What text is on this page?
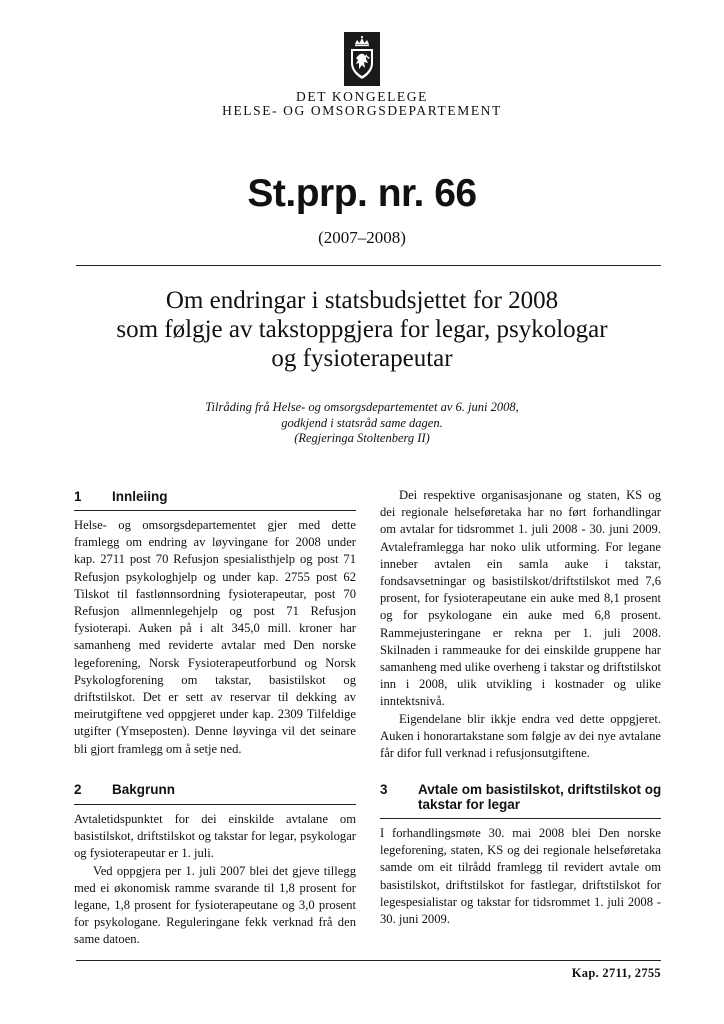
DET KONGELEGE
HELSE- OG OMSORGSDEPARTEMENT
St.prp. nr. 66
(2007–2008)
Om endringar i statsbudsjettet for 2008
som følgje av takstoppgjera for legar, psykologar
og fysioterapeutar
Tilråding frå Helse- og omsorgsdepartementet av 6. juni 2008,
godkjend i statsråd same dagen.
(Regjeringa Stoltenberg II)
1 Innleiing

Helse- og omsorgsdepartementet gjer med dette framlegg om endring av løyvingane for 2008 under kap. 2711 post 70 Refusjon spesialisthjelp og post 71 Refusjon psykologhjelp og under kap. 2755 post 62 Tilskot til fastlønnsordning fysioterapeutar, post 70 Refusjon allmennlegehjelp og post 71 Refusjon fysioterapi. Auken på i alt 345,0 mill. kroner har samanheng med reviderte avtalar med Den norske legeforening, Norsk Fysioterapeutforbund og Norsk Psykologforening om takstar, basistilskot og driftstilskot. Det er sett av reservar til dekking av meirutgiftene ved oppgjeret under kap. 2309 Tilfeldige utgifter (Ymseposten). Denne løyvinga vil det seinare bli gjort framlegg om å setje ned.

Dei respektive organisasjonane og staten, KS og dei regionale helseføretaka har no ført forhandlingar om avtalar for tidsrommet 1. juli 2008 - 30. juni 2009. Avtaleframlegga har noko ulik utforming. For legane inneber avtalen ein samla auke i takstar, fondsavsetningar og basistilskot/driftstilskot med 7,6 prosent, for fysioterapeutane ein auke med 8,1 prosent og for psykologane ein auke med 6,8 prosent. Rammejusteringane er rekna per 1. juli 2008. Skilnaden i rammeauke for dei einskilde gruppene har samanheng med ulike overheng i takstar og driftstilskot inn i 2008, ulik utvikling i kostnader og ulike inntektsnivå.

Eigendelane blir ikkje endra ved dette oppgjeret. Auken i honorartakstane som følgje av dei nye avtalane får difor full verknad i refusjonsutgiftene.

2 Bakgrunn

Avtaletidspunktet for dei einskilde avtalane om basistilskot, driftstilskot og takstar for legar, psykologar og fysioterapeutar er 1. juli.

Ved oppgjera per 1. juli 2007 blei det gjeve tillegg med ei økonomisk ramme svarande til 1,8 prosent for legane, 1,8 prosent for fysioterapeutane og 3,0 prosent for psykologane. Reguleringane fekk verknad frå den same datoen.

3 Avtale om basistilskot, driftstilskot og takstar for legar

I forhandlingsmøte 30. mai 2008 blei Den norske legeforening, staten, KS og dei regionale helseføretaka samde om eit tilrådd framlegg til revidert avtale om basistilskot, driftstilskot for fastlegar, driftstilskot for legespesialistar og takstar for tidsrommet 1. juli 2008 - 30. juni 2009.

Kap. 2711, 2755
